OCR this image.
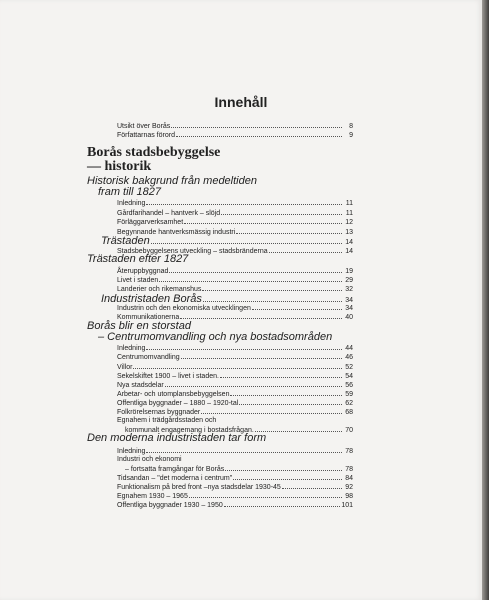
Innehåll
Utsikt över Borås	8
Författarnas förord	9
Borås stadsbebyggelse
— historik
Historisk bakgrund från medeltiden
fram till 1827
Inledning	11
Gårdfarihandel – hantverk – slöjd	11
Förläggarverksamhet	12
Begynnande hantverksmässig industri	13
Trästaden	14
Stadsbebyggelsens utveckling – stadsbränderna	14
Trästaden efter 1827
Återuppbyggnad	19
Livet i staden	29
Landerier och rikemanshus	32
Industristaden Borås	34
Industrin och den ekonomiska utvecklingen	34
Kommunikationerna	40
Borås blir en storstad
– Centrumomvandling och nya bostadsområden
Inledning	44
Centrumomvandling	46
Villor	52
Sekelskiftet 1900 – livet i staden.	54
Nya stadsdelar	56
Arbetar- och utomplansbebyggelsen	59
Offentliga byggnader – 1880 – 1920-tal	62
Folkrörelsernas byggnader	68
Egnahem i trädgårdsstaden och
kommunalt engagemang i bostadsfrågan.	70
Den moderna industristaden tar form
Inledning	78
Industri och ekonomi
– fortsatta framgångar för Borås	78
Tidsandan – "det moderna i centrum"	84
Funktionalism på bred front –nya stadsdelar 1930-45	92
Egnahem 1930 – 1965	98
Offentliga byggnader 1930 – 1950	101
